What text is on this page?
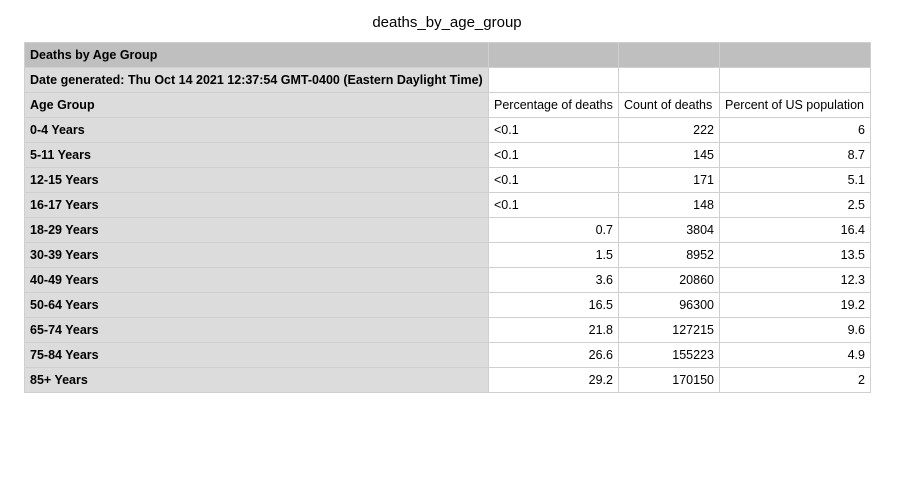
deaths_by_age_group
Deaths by Age Group			
Date generated: Thu Oct 14 2021 12:37:54 GMT-0400 (Eastern Daylight Time)			
Age Group	Percentage of deaths	Count of deaths	Percent of US population
0-4 Years	<0.1	222	6
5-11 Years	<0.1	145	8.7
12-15 Years	<0.1	171	5.1
16-17 Years	<0.1	148	2.5
18-29 Years	0.7	3804	16.4
30-39 Years	1.5	8952	13.5
40-49 Years	3.6	20860	12.3
50-64 Years	16.5	96300	19.2
65-74 Years	21.8	127215	9.6
75-84 Years	26.6	155223	4.9
85+ Years	29.2	170150	2
